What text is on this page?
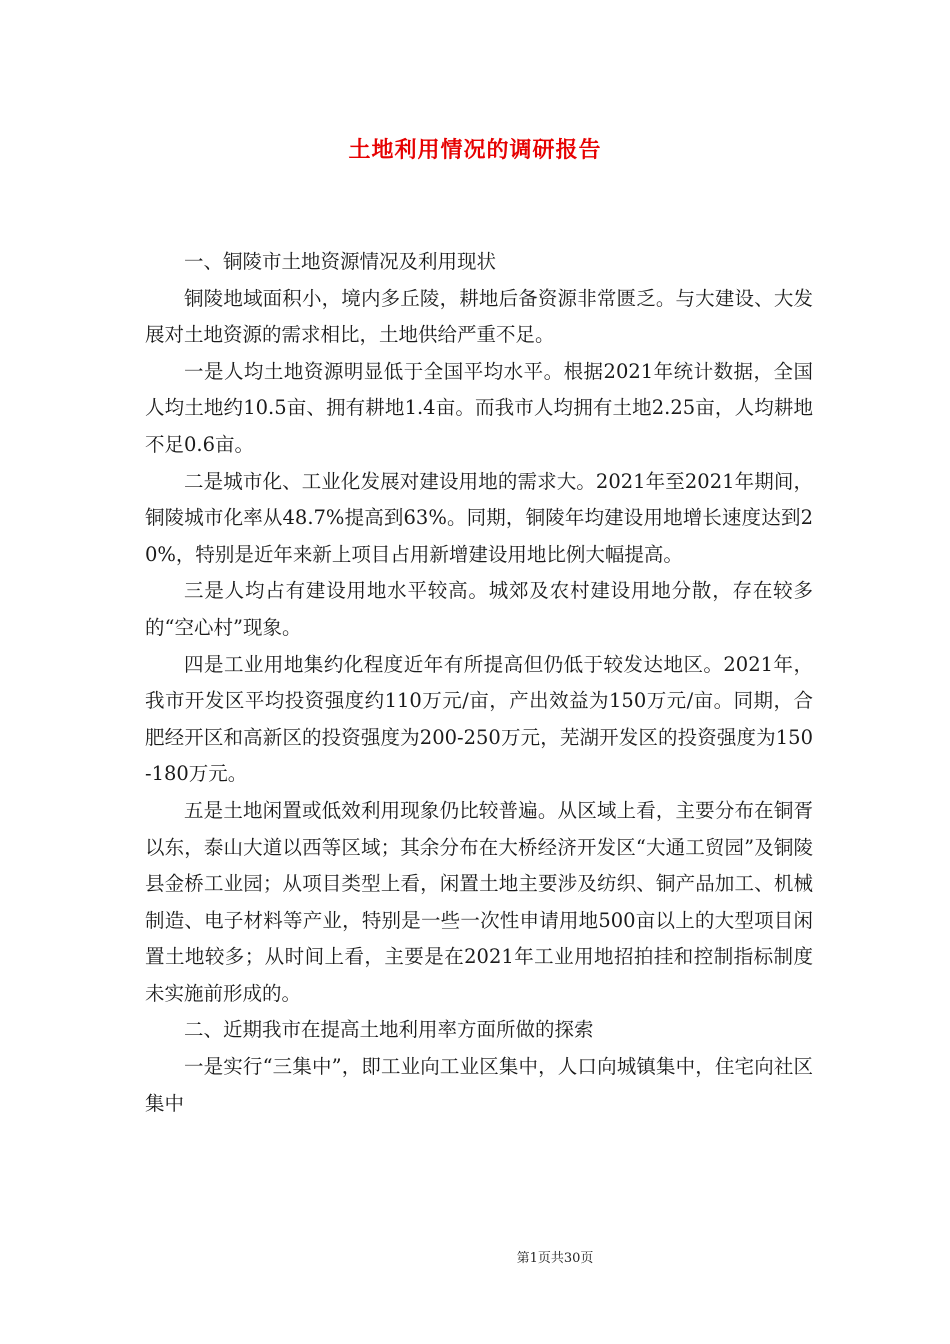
土地利用情况的调研报告

一、铜陵市土地资源情况及利用现状

铜陵地域面积小，境内多丘陵，耕地后备资源非常匮乏。与大建设、大发展对土地资源的需求相比，土地供给严重不足。

一是人均土地资源明显低于全国平均水平。根据2021年统计数据，全国人均土地约10.5亩、拥有耕地1.4亩。而我市人均拥有土地2.25亩，人均耕地不足0.6亩。

二是城市化、工业化发展对建设用地的需求大。2021年至2021年期间，铜陵城市化率从48.7%提高到63%。同期，铜陵年均建设用地增长速度达到20%，特别是近年来新上项目占用新增建设用地比例大幅提高。

三是人均占有建设用地水平较高。城郊及农村建设用地分散，存在较多的“空心村”现象。

四是工业用地集约化程度近年有所提高但仍低于较发达地区。2021年，我市开发区平均投资强度约110万元/亩，产出效益为150万元/亩。同期，合肥经开区和高新区的投资强度为200-250万元，芜湖开发区的投资强度为150-180万元。

五是土地闲置或低效利用现象仍比较普遍。从区域上看，主要分布在铜胥以东，泰山大道以西等区域；其余分布在大桥经济开发区“大通工贸园”及铜陵县金桥工业园；从项目类型上看，闲置土地主要涉及纺织、铜产品加工、机械制造、电子材料等产业，特别是一些一次性申请用地500亩以上的大型项目闲置土地较多；从时间上看，主要是在2021年工业用地招拍挂和控制指标制度未实施前形成的。

二、近期我市在提高土地利用率方面所做的探索

一是实行“三集中”，即工业向工业区集中，人口向城镇集中，住宅向社区集中

第1页共30页
